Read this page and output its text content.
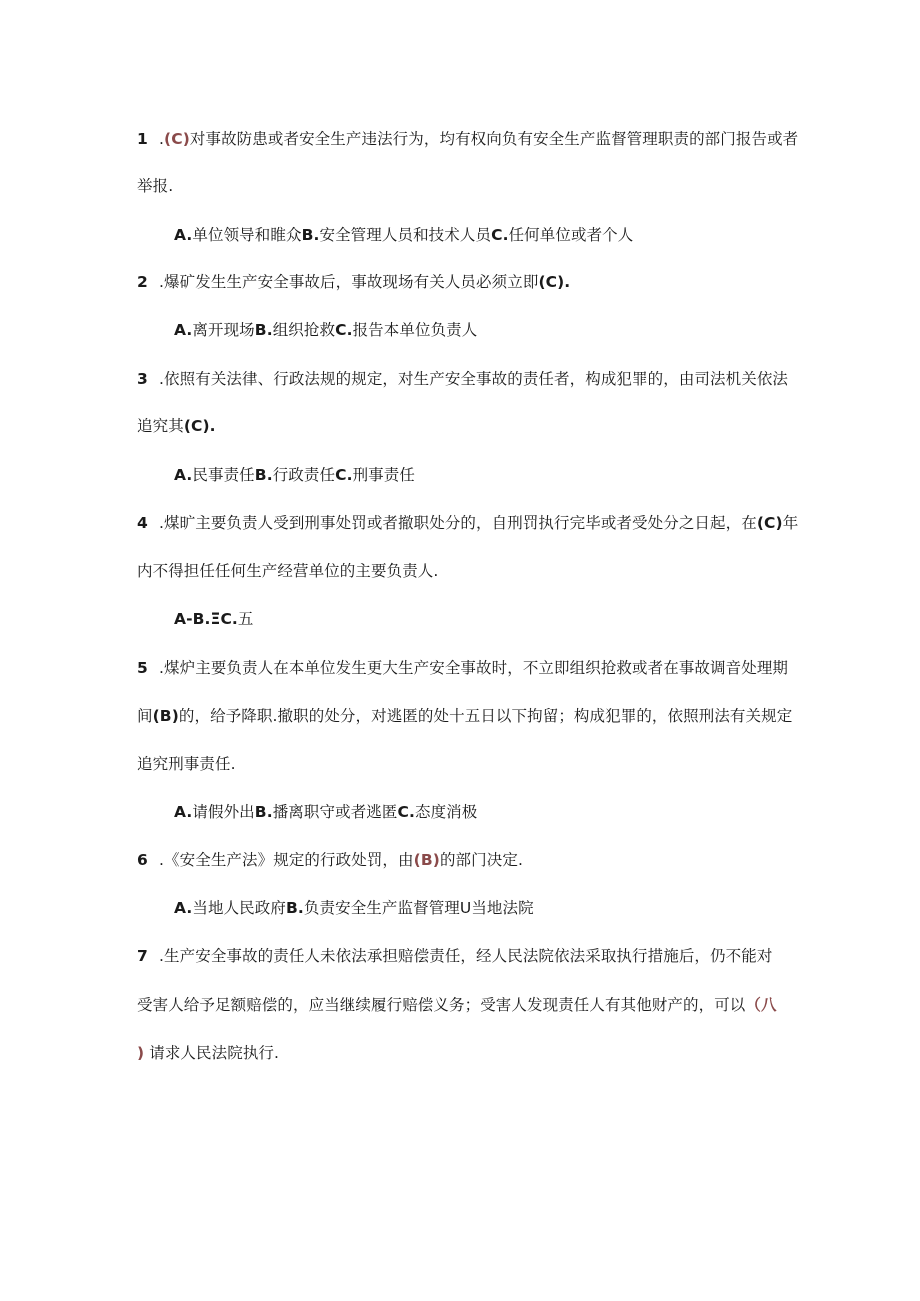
1 .(C)对事故防患或者安全生产违法行为，均有权向负有安全生产监督管理职责的部门报告或者
举报.
A.单位领导和睢众B.安全管理人员和技术人员C.任何单位或者个人
2 .爆矿发生生产安全事故后，事故现场有关人员必须立即(C).
A.离开现场B.组织抢救C.报告本单位负责人
3 .依照有关法律、行政法规的规定，对生产安全事故的责任者，构成犯罪的，由司法机关依法
追究其(C).
A.民事责任B.行政责任C.刑事责任
4 .煤旷主要负责人受到刑事处罚或者撤职处分的，自刑罚执行完毕或者受处分之日起，在(C)年
内不得担任任何生产经营单位的主要负责人.
A-B.ΞC.五
5 .煤炉主要负责人在本单位发生更大生产安全事故时，不立即组织抢救或者在事故调音处理期
间(B)的，给予降职.撤职的处分，对逃匿的处十五日以下拘留；构成犯罪的，依照刑法有关规定
追究刑事责任.
A.请假外出B.播离职守或者逃匿C.态度消极
6 .《安全生产法》规定的行政处罚，由(B)的部门决定.
A.当地人民政府B.负责安全生产监督管理U当地法院
7 .生产安全事故的责任人未依法承担赔偿责任，经人民法院依法采取执行措施后，仍不能对
受害人给予足额赔偿的，应当继续履行赔偿义务；受害人发现责任人有其他财产的，可以（八
) 请求人民法院执行.
